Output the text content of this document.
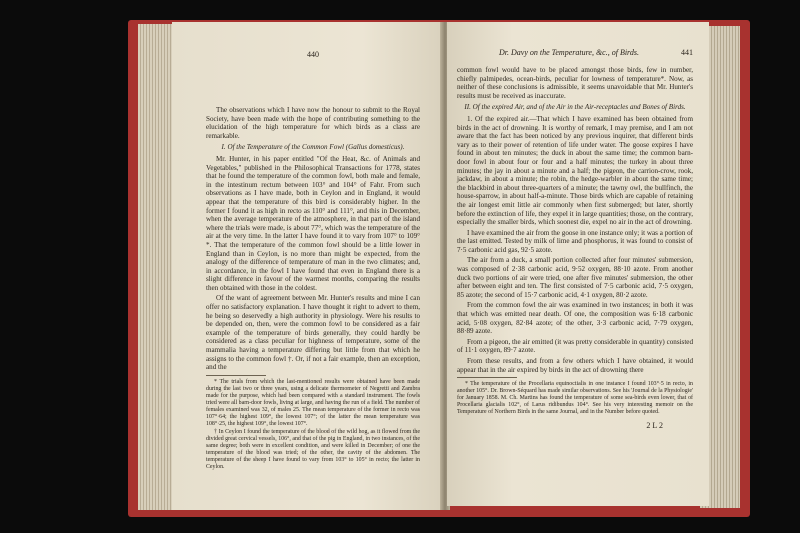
440

The observations which I have now the honour to submit to the Royal Society, have been made with the hope of contributing something to the elucidation of the high temperature for which birds as a class are remarkable.

I. Of the Temperature of the Common Fowl (Gallus domesticus).

Mr. Hunter, in his paper entitled "Of the Heat, &c. of Animals and Vegetables," published in the Philosophical Transactions for 1778, states that he found the temperature of the common fowl, both male and female, in the intestinum rectum between 103° and 104° of Fahr. From such observations as I have made, both in Ceylon and in England, it would appear that the temperature of this bird is considerably higher. In the former I found it as high in recto as 110° and 111°, and this in December, when the average temperature of the atmosphere, in that part of the island where the trials were made, is about 77°, which was the temperature of the air at the very time. In the latter I have found it to vary from 107° to 109° *. That the temperature of the common fowl should be a little lower in England than in Ceylon, is no more than might be expected, from the analogy of the difference of temperature of man in the two climates; and, in accordance, in the fowl I have found that even in England there is a slight difference in favour of the warmest months, comparing the results then obtained with those in the coldest.

Of the want of agreement between Mr. Hunter's results and mine I can offer no satisfactory explanation. I have thought it right to advert to them, he being so deservedly a high authority in physiology. Were his results to be depended on, then, were the common fowl to be considered as a fair example of the temperature of birds generally, they could hardly be considered as a class peculiar for highness of temperature, some of the mammalia having a temperature differing but little from that which he assigns to the common fowl †. Or, if not a fair example, then an exception, and the

* The trials from which the last-mentioned results were obtained have been made during the last two or three years, using a delicate thermometer of Negretti and Zambra made for the purpose, which had been compared with a standard instrument. The fowls tried were all barn-door fowls, living at large, and having the run of a field. The number of females examined was 32, of males 25. The mean temperature of the former in recto was 107°·64; the highest 109°, the lowest 107°; of the latter the mean temperature was 108°·25, the highest 109°, the lowest 107°.

† In Ceylon I found the temperature of the blood of the wild hog, as it flowed from the divided great cervical vessels, 106°, and that of the pig in England, in two instances, of the same degree; both were in excellent condition, and were killed in December; of one the temperature of the blood was tried; of the other, the cavity of the abdomen. The temperature of the sheep I have found to vary from 103° to 105° in recto; the latter in Ceylon.

Dr. Davy on the Temperature, &c., of Birds.	441

common fowl would have to be placed amongst those birds, few in number, chiefly palmipedes, ocean-birds, peculiar for lowness of temperature*. Now, as neither of these conclusions is admissible, it seems unavoidable that Mr. Hunter's results must be received as inaccurate.

II. Of the expired Air, and of the Air in the Air-receptacles and Bones of Birds.

1. Of the expired air.—That which I have examined has been obtained from birds in the act of drowning. It is worthy of remark, I may premise, and I am not aware that the fact has been noticed by any previous inquirer, that different birds vary as to their power of retention of life under water. The goose expires I have found in about ten minutes; the duck in about the same time; the common barn-door fowl in about four or four and a half minutes; the turkey in about three minutes; the jay in about a minute and a half; the pigeon, the carrion-crow, rook, jackdaw, in about a minute; the robin, the hedge-warbler in about the same time; the blackbird in about three-quarters of a minute; the tawny owl, the bullfinch, the house-sparrow, in about half-a-minute. Those birds which are capable of retaining the air longest emit little air commonly when first submerged; but later, shortly before the extinction of life, they expel it in large quantities; those, on the contrary, especially the smaller birds, which soonest die, expel no air in the act of drowning.

I have examined the air from the goose in one instance only; it was a portion of the last emitted. Tested by milk of lime and phosphorus, it was found to consist of 7·5 carbonic acid gas, 92·5 azote.

The air from a duck, a small portion collected after four minutes' submersion, was composed of 2·38 carbonic acid, 9·52 oxygen, 88·10 azote. From another duck two portions of air were tried, one after five minutes' submersion, the other after between eight and ten. The first consisted of 7·5 carbonic acid, 7·5 oxygen, 85 azote; the second of 15·7 carbonic acid, 4·1 oxygen, 80·2 azote.

From the common fowl the air was examined in two instances; in both it was that which was emitted near death. Of one, the composition was 6·18 carbonic acid, 5·08 oxygen, 82·84 azote; of the other, 3·3 carbonic acid, 7·79 oxygen, 88·89 azote.

From a pigeon, the air emitted (it was pretty considerable in quantity) consisted of 11·1 oxygen, 89·7 azote.

From these results, and from a few others which I have obtained, it would appear that in the air expired by birds in the act of drowning there

* The temperature of the Procellaria equinoctialis in one instance I found 103°·5 in recto, in another 105°. Dr. Brown-Séquard has made similar observations. See his 'Journal de la Physiologie' for January 1858. M. Ch. Martins has found the temperature of some sea-birds even lower, that of Procellaria glacialis 102°, of Larus ridibundus 104°. See his very interesting memoir on the Temperature of Northern Birds in the same Journal, and in the Number before quoted.

2 L 2
